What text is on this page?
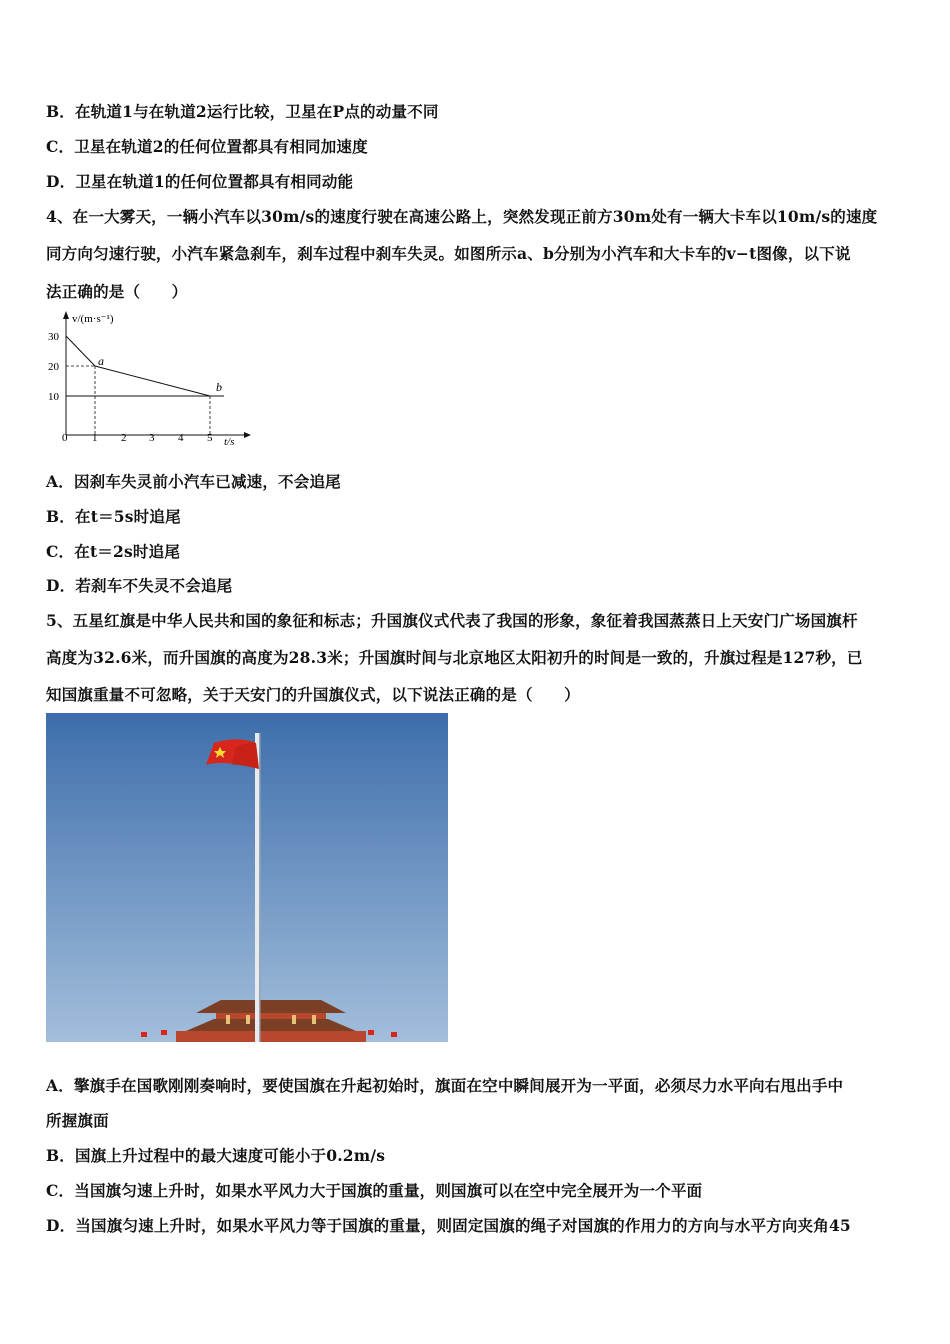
B．在轨道1与在轨道2运行比较，卫星在P点的动量不同
C．卫星在轨道2的任何位置都具有相同加速度
D．卫星在轨道1的任何位置都具有相同动能
4、在一大雾天，一辆小汽车以30m/s的速度行驶在高速公路上，突然发现正前方30m处有一辆大卡车以10m/s的速度
同方向匀速行驶，小汽车紧急刹车，刹车过程中刹车失灵。如图所示a、b分别为小汽车和大卡车的v−t图像，以下说
法正确的是（　　）
v/(m·s⁻¹)
t/s
30
20
10
0 1 2 3 4 5
a
b
A．因刹车失灵前小汽车已减速，不会追尾
B．在t＝5s时追尾
C．在t＝2s时追尾
D．若刹车不失灵不会追尾
5、五星红旗是中华人民共和国的象征和标志；升国旗仪式代表了我国的形象，象征着我国蒸蒸日上天安门广场国旗杆
高度为32.6米，而升国旗的高度为28.3米；升国旗时间与北京地区太阳初升的时间是一致的，升旗过程是127秒，已
知国旗重量不可忽略，关于天安门的升国旗仪式，以下说法正确的是（　　）
A．擎旗手在国歌刚刚奏响时，要使国旗在升起初始时，旗面在空中瞬间展开为一平面，必须尽力水平向右甩出手中
所握旗面
B．国旗上升过程中的最大速度可能小于0.2m/s
C．当国旗匀速上升时，如果水平风力大于国旗的重量，则国旗可以在空中完全展开为一个平面
D．当国旗匀速上升时，如果水平风力等于国旗的重量，则固定国旗的绳子对国旗的作用力的方向与水平方向夹角45
